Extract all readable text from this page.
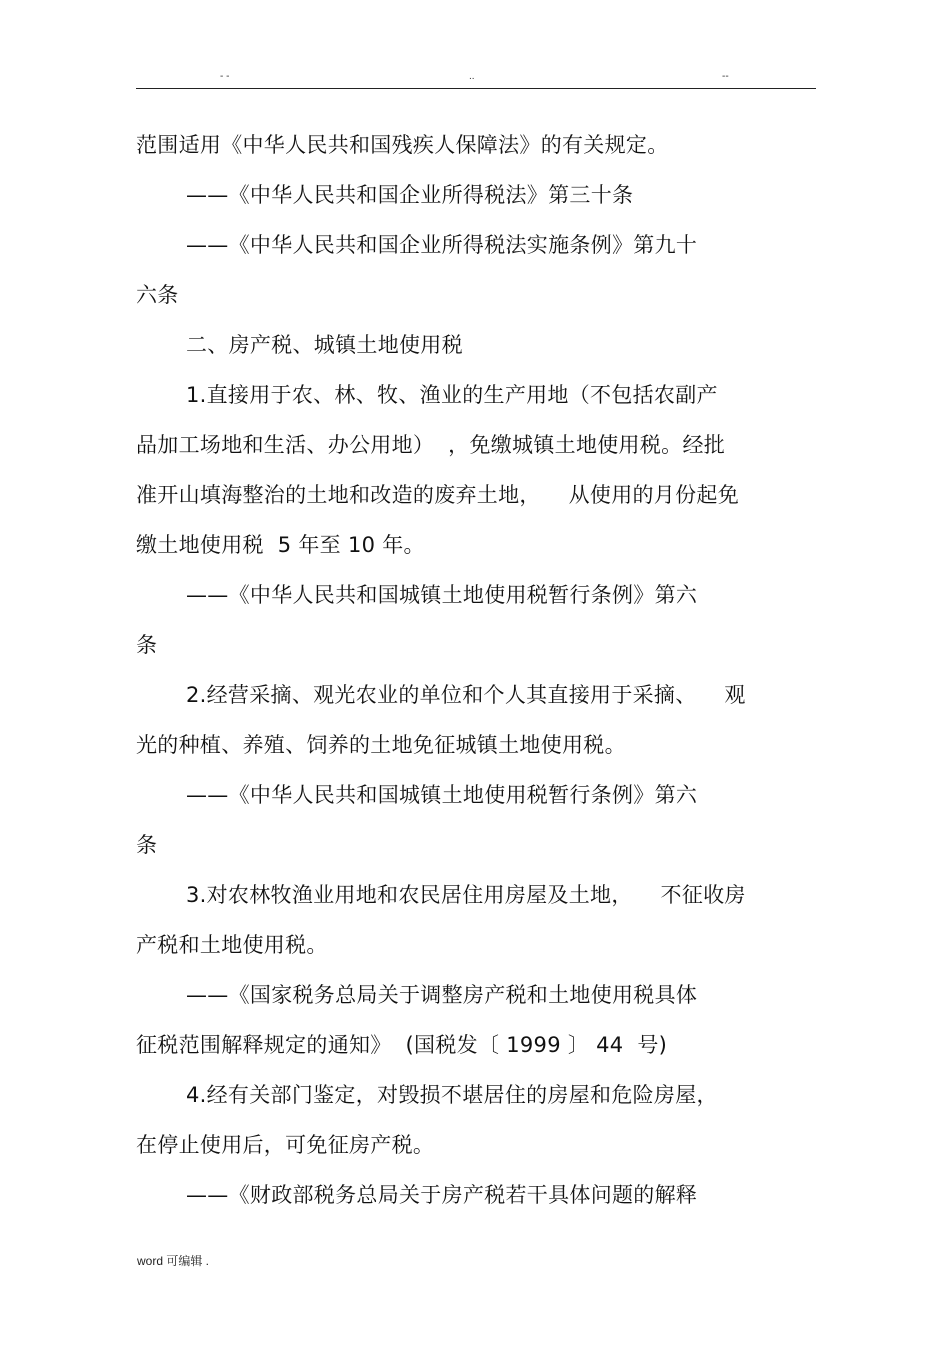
- -	..	--
范围适用《中华人民共和国残疾人保障法》的有关规定。
——《中华人民共和国企业所得税法》第三十条
——《中华人民共和国企业所得税法实施条例》第九十
六条
二、房产税、城镇土地使用税
1.直接用于农、林、牧、渔业的生产用地（不包括农副产
品加工场地和生活、办公用地）  ，免缴城镇土地使用税。经批
准开山填海整治的土地和改造的废弃土地，    从使用的月份起免
缴土地使用税  5 年至 10 年。
——《中华人民共和国城镇土地使用税暂行条例》第六
条
2.经营采摘、观光农业的单位和个人其直接用于采摘、    观
光的种植、养殖、饲养的土地免征城镇土地使用税。
——《中华人民共和国城镇土地使用税暂行条例》第六
条
3.对农林牧渔业用地和农民居住用房屋及土地，    不征收房
产税和土地使用税。
——《国家税务总局关于调整房产税和土地使用税具体
征税范围解释规定的通知》  (国税发〔 1999 〕 44  号)
4.经有关部门鉴定，对毁损不堪居住的房屋和危险房屋，
在停止使用后，可免征房产税。
——《财政部税务总局关于房产税若干具体问题的解释
word 可编辑 .
